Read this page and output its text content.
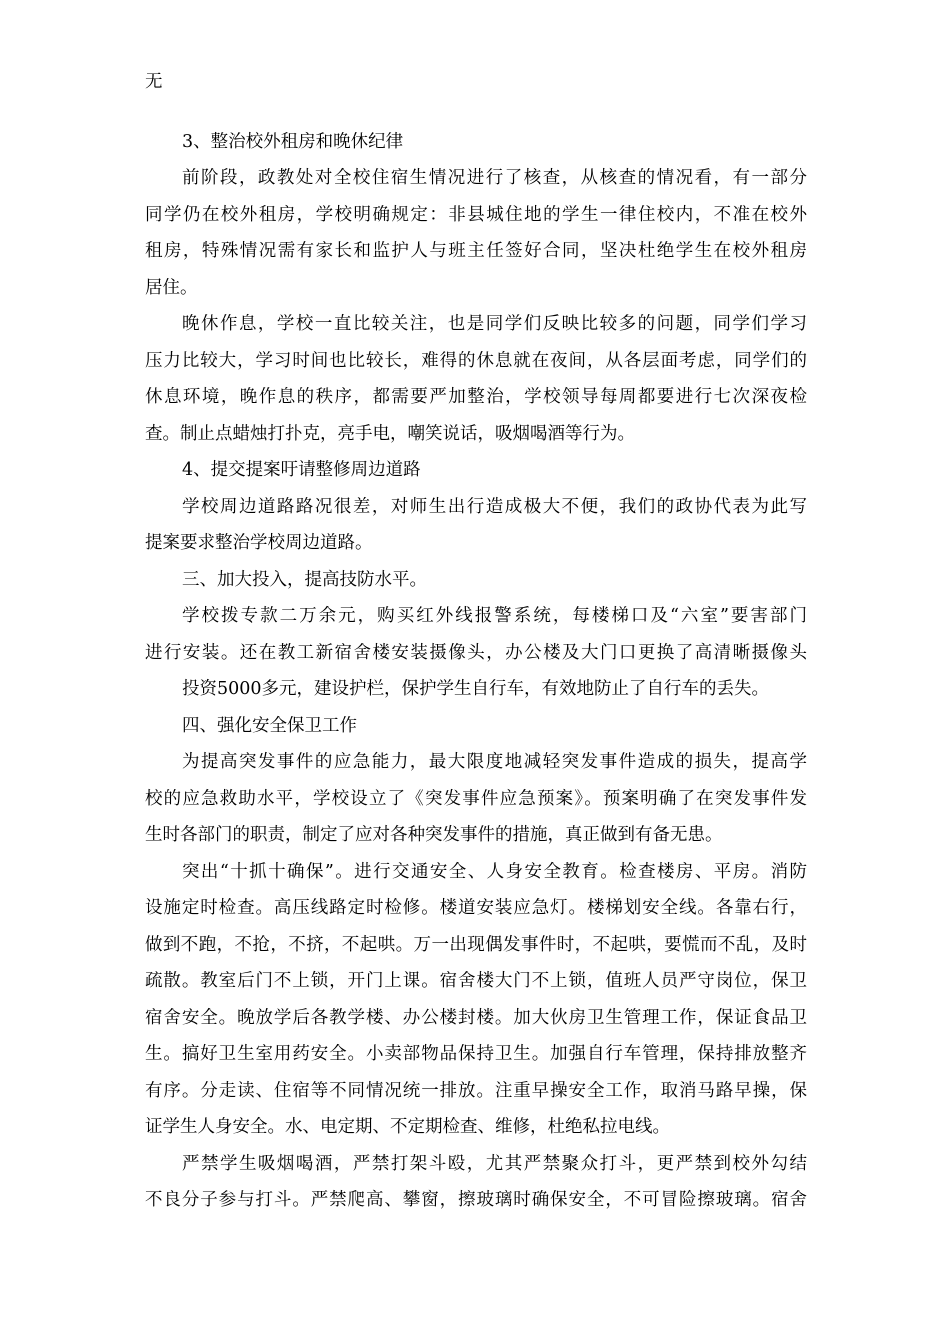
无
3、整治校外租房和晚休纪律
前阶段，政教处对全校住宿生情况进行了核查，从核查的情况看，有一部分
同学仍在校外租房，学校明确规定：非县城住地的学生一律住校内，不准在校外
租房，特殊情况需有家长和监护人与班主任签好合同，坚决杜绝学生在校外租房
居住。
晚休作息，学校一直比较关注，也是同学们反映比较多的问题，同学们学习
压力比较大，学习时间也比较长，难得的休息就在夜间，从各层面考虑，同学们的
休息环境，晚作息的秩序，都需要严加整治，学校领导每周都要进行七次深夜检
查。制止点蜡烛打扑克，亮手电，嘲笑说话，吸烟喝酒等行为。
4、提交提案吁请整修周边道路
学校周边道路路况很差，对师生出行造成极大不便，我们的政协代表为此写
提案要求整治学校周边道路。
三、加大投入，提高技防水平。
学校拨专款二万余元，购买红外线报警系统，每楼梯口及“六室”要害部门
进行安装。还在教工新宿舍楼安装摄像头，办公楼及大门口更换了高清晰摄像头
投资5000多元，建设护栏，保护学生自行车，有效地防止了自行车的丢失。
四、强化安全保卫工作
为提高突发事件的应急能力，最大限度地减轻突发事件造成的损失，提高学
校的应急救助水平，学校设立了《突发事件应急预案》。预案明确了在突发事件发
生时各部门的职责，制定了应对各种突发事件的措施，真正做到有备无患。
突出“十抓十确保”。进行交通安全、人身安全教育。检查楼房、平房。消防
设施定时检查。高压线路定时检修。楼道安装应急灯。楼梯划安全线。各靠右行，
做到不跑，不抢，不挤，不起哄。万一出现偶发事件时，不起哄，要慌而不乱，及时
疏散。教室后门不上锁，开门上课。宿舍楼大门不上锁，值班人员严守岗位，保卫
宿舍安全。晚放学后各教学楼、办公楼封楼。加大伙房卫生管理工作，保证食品卫
生。搞好卫生室用药安全。小卖部物品保持卫生。加强自行车管理，保持排放整齐
有序。分走读、住宿等不同情况统一排放。注重早操安全工作，取消马路早操，保
证学生人身安全。水、电定期、不定期检查、维修，杜绝私拉电线。
严禁学生吸烟喝酒，严禁打架斗殴，尤其严禁聚众打斗，更严禁到校外勾结
不良分子参与打斗。严禁爬高、攀窗，擦玻璃时确保安全，不可冒险擦玻璃。宿舍
